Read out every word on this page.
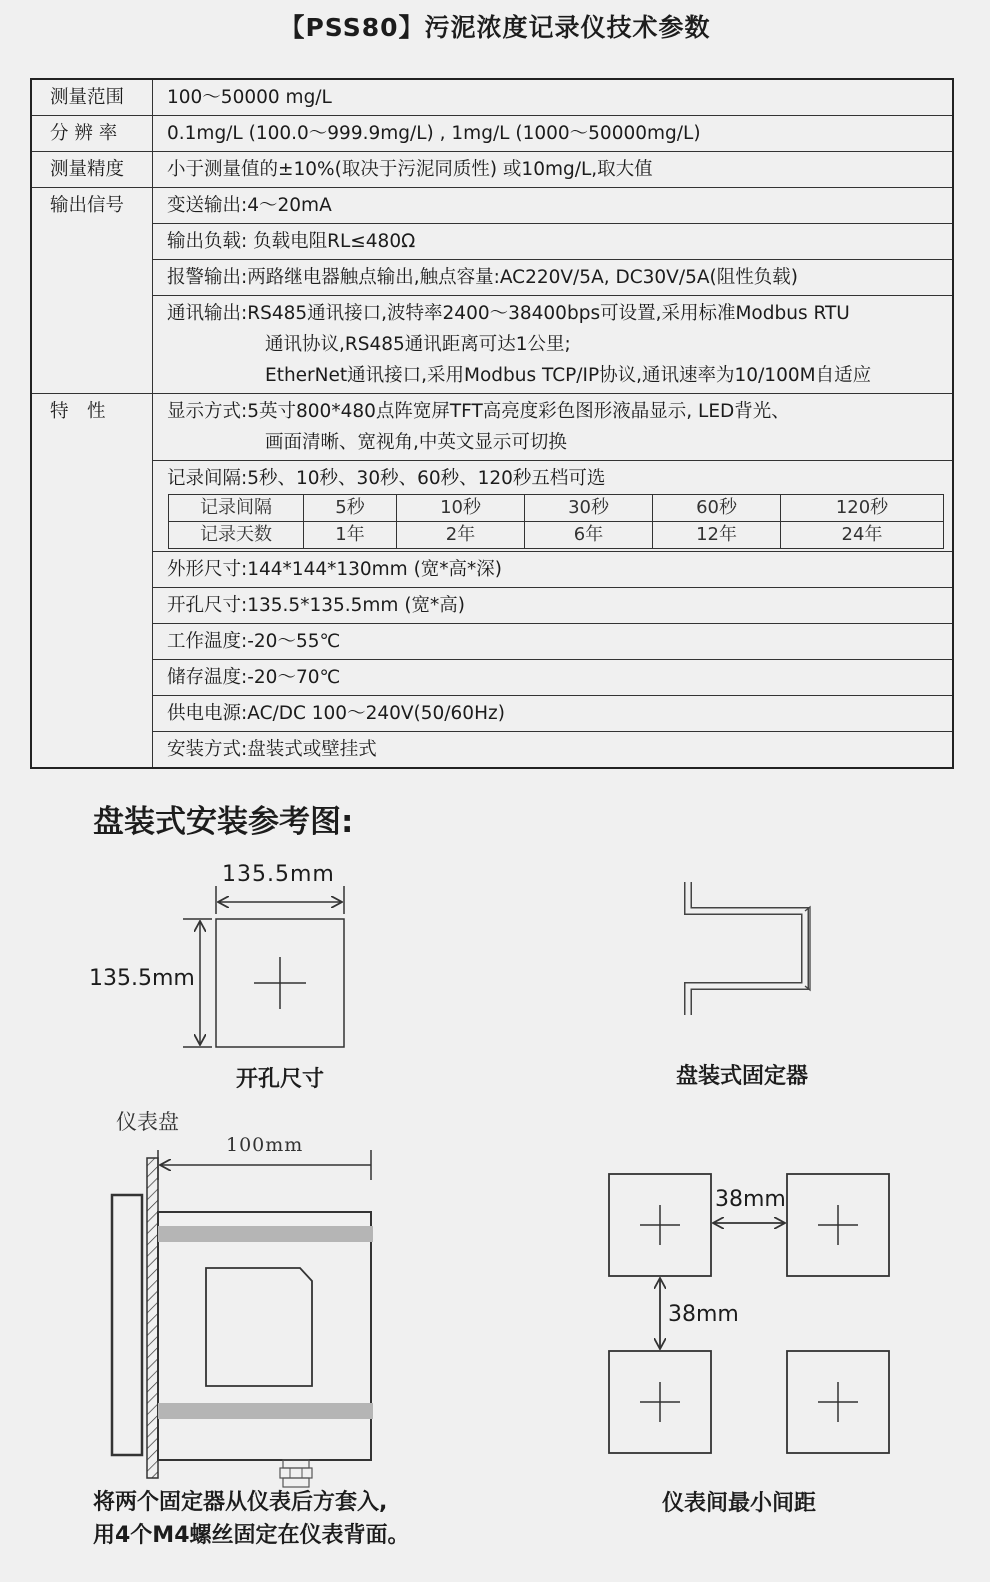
【PSS80】污泥浓度记录仪技术参数
测量范围	100～50000 mg/L
分 辨 率	0.1mg/L (100.0～999.9mg/L) , 1mg/L (1000～50000mg/L)
测量精度	小于测量值的±10%(取决于污泥同质性) 或10mg/L,取大值
输出信号	变送输出:4～20mA
输出负载: 负载电阻RL≤480Ω
报警输出:两路继电器触点输出,触点容量:AC220V/5A, DC30V/5A(阻性负载)

通讯输出:RS485通讯接口,波特率2400～38400bps可设置,采用标准Modbus RTU
通讯协议,RS485通讯距离可达1公里;
EtherNet通讯接口,采用Modbus TCP/IP协议,通讯速率为10/100M自适应

特　性	显示方式:5英寸800*480点阵宽屏TFT高亮度彩色图形液晶显示, LED背光、
画面清晰、宽视角,中英文显示可切换

记录间隔:5秒、10秒、30秒、60秒、120秒五档可选
记录间隔	5秒	10秒	30秒	60秒	120秒
记录天数	1年	2年	6年	12年	24年

外形尺寸:144*144*130mm (宽*高*深)
开孔尺寸:135.5*135.5mm (宽*高)
工作温度:-20～55℃
储存温度:-20～70℃
供电电源:AC/DC 100～240V(50/60Hz)
安装方式:盘装式或壁挂式
盘装式安装参考图:
135.5mm
135.5mm
开孔尺寸	盘装式固定器
仪表盘
100mm
38mm
38mm
仪表间最小间距
将两个固定器从仪表后方套入,
用4个M4螺丝固定在仪表背面。
